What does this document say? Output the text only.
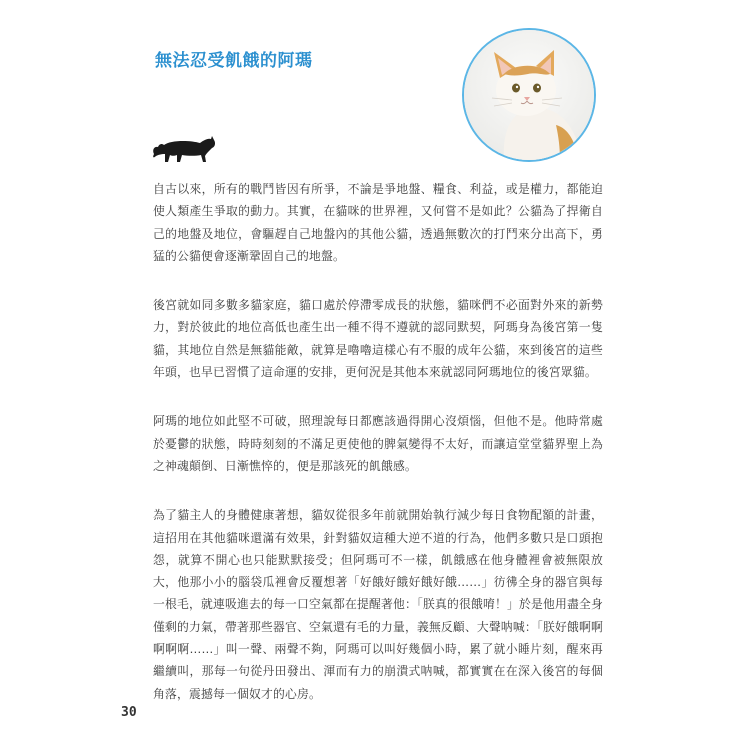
無法忍受飢餓的阿瑪

自古以來，所有的戰鬥皆因有所爭，不論是爭地盤、糧食、利益，或是權力，都能迫使人類產生爭取的動力。其實，在貓咪的世界裡，又何嘗不是如此？公貓為了捍衛自己的地盤及地位，會驅趕自己地盤內的其他公貓，透過無數次的打鬥來分出高下，勇猛的公貓便會逐漸鞏固自己的地盤。

後宮就如同多數多貓家庭，貓口處於停滯零成長的狀態，貓咪們不必面對外來的新勢力，對於彼此的地位高低也產生出一種不得不遵就的認同默契，阿瑪身為後宮第一隻貓，其地位自然是無貓能敵，就算是嚕嚕這樣心有不服的成年公貓，來到後宮的這些年頭，也早已習慣了這命運的安排，更何況是其他本來就認同阿瑪地位的後宮眾貓。

阿瑪的地位如此堅不可破，照理說每日都應該過得開心沒煩惱，但他不是。他時常處於憂鬱的狀態，時時刻刻的不滿足更使他的脾氣變得不太好，而讓這堂堂貓界聖上為之神魂顛倒、日漸憔悴的，便是那該死的飢餓感。

為了貓主人的身體健康著想，貓奴從很多年前就開始執行減少每日食物配額的計畫，這招用在其他貓咪還滿有效果，針對貓奴這種大逆不道的行為，他們多數只是口頭抱怨，就算不開心也只能默默接受；但阿瑪可不一樣，飢餓感在他身體裡會被無限放大，他那小小的腦袋瓜裡會反覆想著「好餓好餓好餓好餓……」彷彿全身的器官與每一根毛，就連吸進去的每一口空氣都在提醒著他：「朕真的很餓唷！」於是他用盡全身僅剩的力氣，帶著那些器官、空氣還有毛的力量，義無反顧、大聲呐喊：「朕好餓啊啊啊啊啊……」叫一聲、兩聲不夠，阿瑪可以叫好幾個小時，累了就小睡片刻，醒來再繼續叫，那每一句從丹田發出、渾而有力的崩潰式呐喊，都實實在在深入後宮的每個角落，震撼每一個奴才的心房。

30
